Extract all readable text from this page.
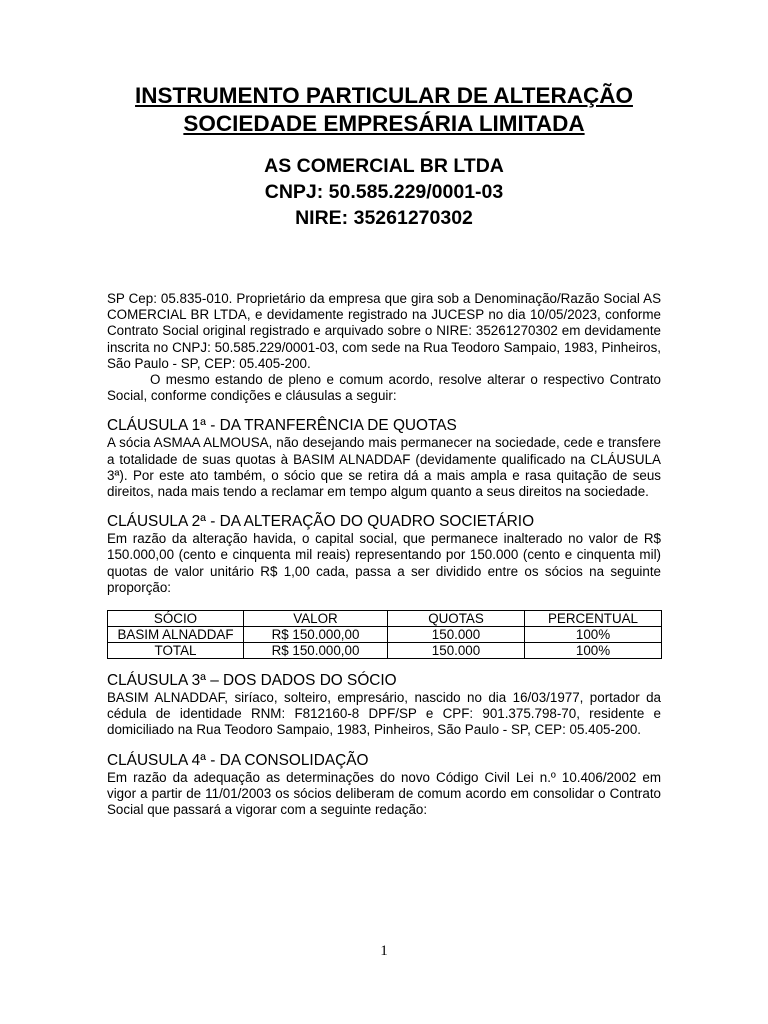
INSTRUMENTO PARTICULAR DE ALTERAÇÃO
SOCIEDADE EMPRESÁRIA LIMITADA
AS COMERCIAL BR LTDA
CNPJ: 50.585.229/0001-03
NIRE: 35261270302

SP Cep: 05.835-010. Proprietário da empresa que gira sob a Denominação/Razão Social AS COMERCIAL BR LTDA, e devidamente registrado na JUCESP no dia 10/05/2023, conforme Contrato Social original registrado e arquivado sobre o NIRE: 35261270302 em devidamente inscrita no CNPJ: 50.585.229/0001-03, com sede na Rua Teodoro Sampaio, 1983, Pinheiros, São Paulo - SP, CEP: 05.405-200.

O mesmo estando de pleno e comum acordo, resolve alterar o respectivo Contrato Social, conforme condições e cláusulas a seguir:

CLÁUSULA 1ª - DA TRANFERÊNCIA DE QUOTAS

A sócia ASMAA ALMOUSA, não desejando mais permanecer na sociedade, cede e transfere a totalidade de suas quotas à BASIM ALNADDAF (devidamente qualificado na CLÁUSULA 3ª). Por este ato também, o sócio que se retira dá a mais ampla e rasa quitação de seus direitos, nada mais tendo a reclamar em tempo algum quanto a seus direitos na sociedade.

CLÁUSULA 2ª - DA ALTERAÇÃO DO QUADRO SOCIETÁRIO

Em razão da alteração havida, o capital social, que permanece inalterado no valor de R$ 150.000,00 (cento e cinquenta mil reais) representando por 150.000 (cento e cinquenta mil) quotas de valor unitário R$ 1,00 cada, passa a ser dividido entre os sócios na seguinte proporção:

SÓCIO	VALOR	QUOTAS	PERCENTUAL
BASIM ALNADDAF	R$ 150.000,00	150.000	100%
TOTAL	R$ 150.000,00	150.000	100%

CLÁUSULA 3ª – DOS DADOS DO SÓCIO

BASIM ALNADDAF, siríaco, solteiro, empresário, nascido no dia 16/03/1977, portador da cédula de identidade RNM: F812160-8 DPF/SP e CPF: 901.375.798-70, residente e domiciliado na Rua Teodoro Sampaio, 1983, Pinheiros, São Paulo - SP, CEP: 05.405-200.

CLÁUSULA 4ª - DA CONSOLIDAÇÃO

Em razão da adequação as determinações do novo Código Civil Lei n.º 10.406/2002 em vigor a partir de 11/01/2003 os sócios deliberam de comum acordo em consolidar o Contrato Social que passará a vigorar com a seguinte redação:

1
